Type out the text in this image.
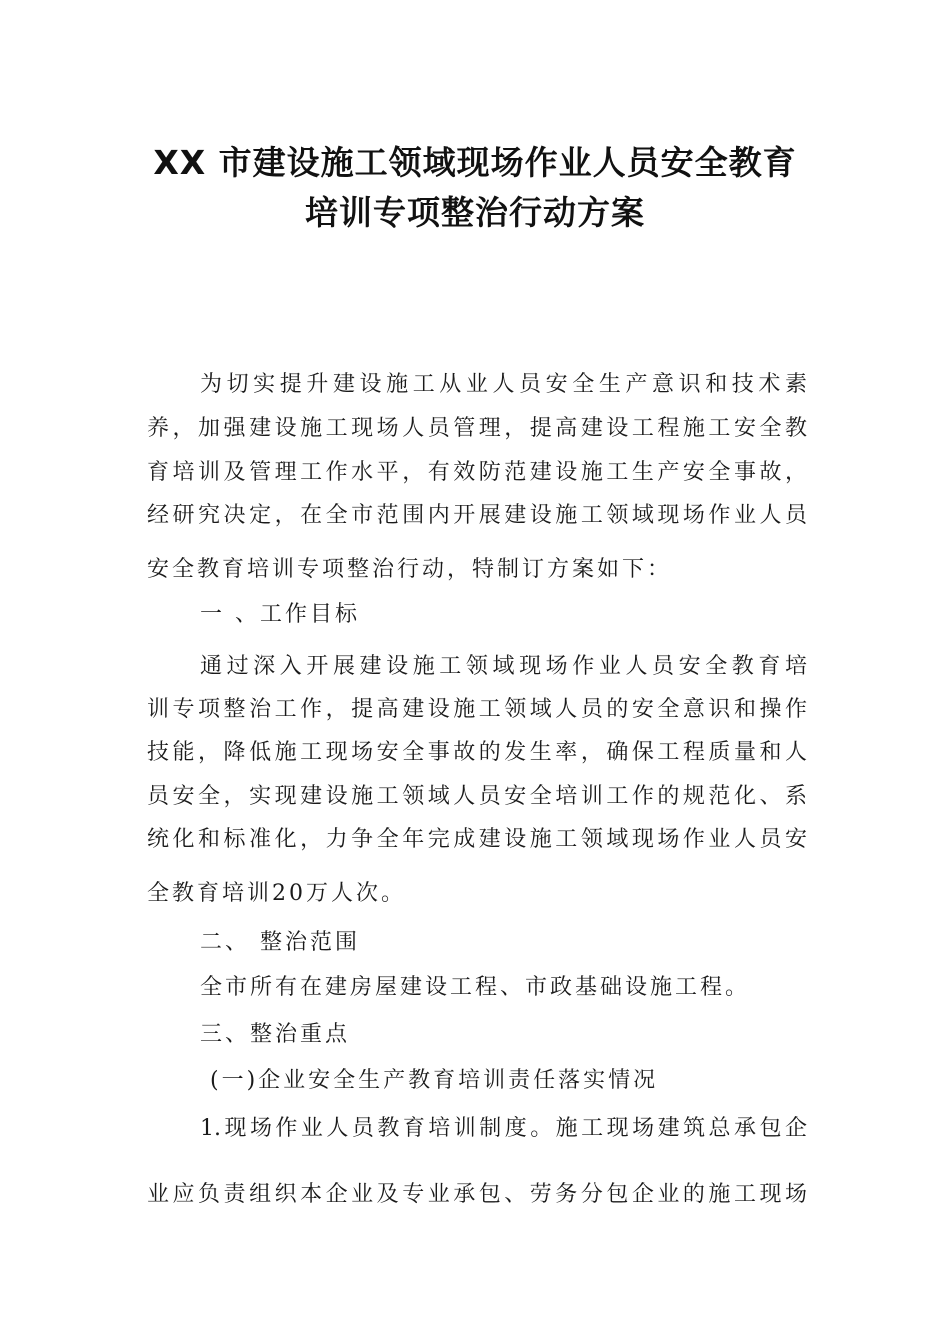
XX 市建设施工领域现场作业人员安全教育
培训专项整治行动方案
为切实提升建设施工从业人员安全生产意识和技术素
养，加强建设施工现场人员管理，提高建设工程施工安全教
育培训及管理工作水平，有效防范建设施工生产安全事故，
经研究决定，在全市范围内开展建设施工领域现场作业人员
安全教育培训专项整治行动，特制订方案如下：
一 、工作目标
通过深入开展建设施工领域现场作业人员安全教育培
训专项整治工作，提高建设施工领域人员的安全意识和操作
技能，降低施工现场安全事故的发生率，确保工程质量和人
员安全，实现建设施工领域人员安全培训工作的规范化、系
统化和标准化，力争全年完成建设施工领域现场作业人员安
全教育培训20万人次。
二、 整治范围
全市所有在建房屋建设工程、市政基础设施工程。
三、整治重点
(一)企业安全生产教育培训责任落实情况
1.现场作业人员教育培训制度。施工现场建筑总承包企
业应负责组织本企业及专业承包、劳务分包企业的施工现场
